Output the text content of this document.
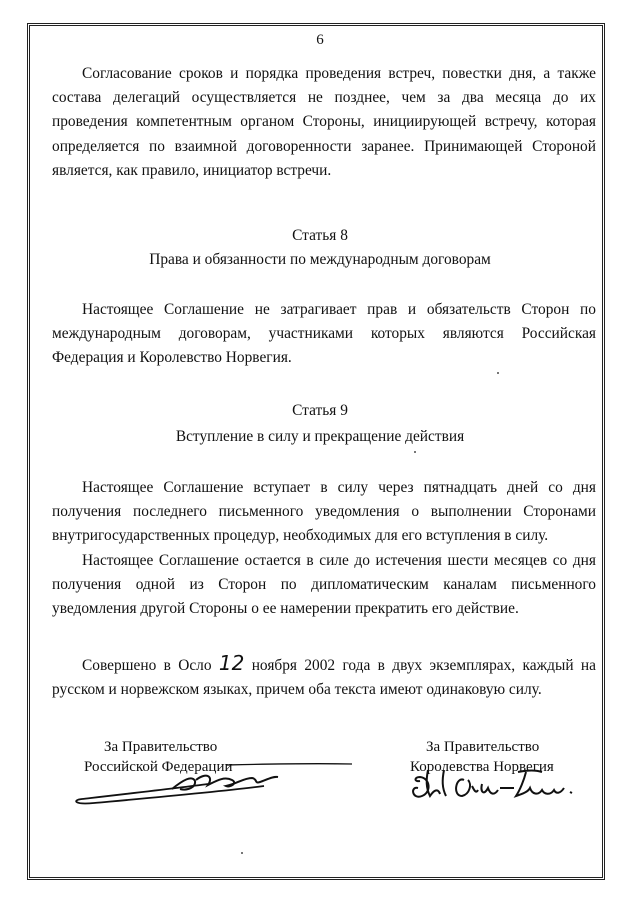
6

Согласование сроков и порядка проведения встреч, повестки дня, а также состава делегаций осуществляется не позднее, чем за два месяца до их проведения компетентным органом Стороны, инициирующей встречу, которая определяется по взаимной договоренности заранее. Принимающей Стороной является, как правило, инициатор встречи.

Статья 8
Права и обязанности по международным договорам

Настоящее Соглашение не затрагивает прав и обязательств Сторон по международным договорам, участниками которых являются Российская Федерация и Королевство Норвегия.

Статья 9
Вступление в силу и прекращение действия

Настоящее Соглашение вступает в силу через пятнадцать дней со дня получения последнего письменного уведомления о выполнении Сторонами внутригосударственных процедур, необходимых для его вступления в силу.

Настоящее Соглашение остается в силе до истечения шести месяцев со дня получения одной из Сторон по дипломатическим каналам письменного уведомления другой Стороны о ее намерении прекратить его действие.

Совершено в Осло 12 ноября 2002 года в двух экземплярах, каждый на русском и норвежском языках, причем оба текста имеют одинаковую силу.

За Правительство
Российской Федерации
За Правительство
Королевства Норвегия
